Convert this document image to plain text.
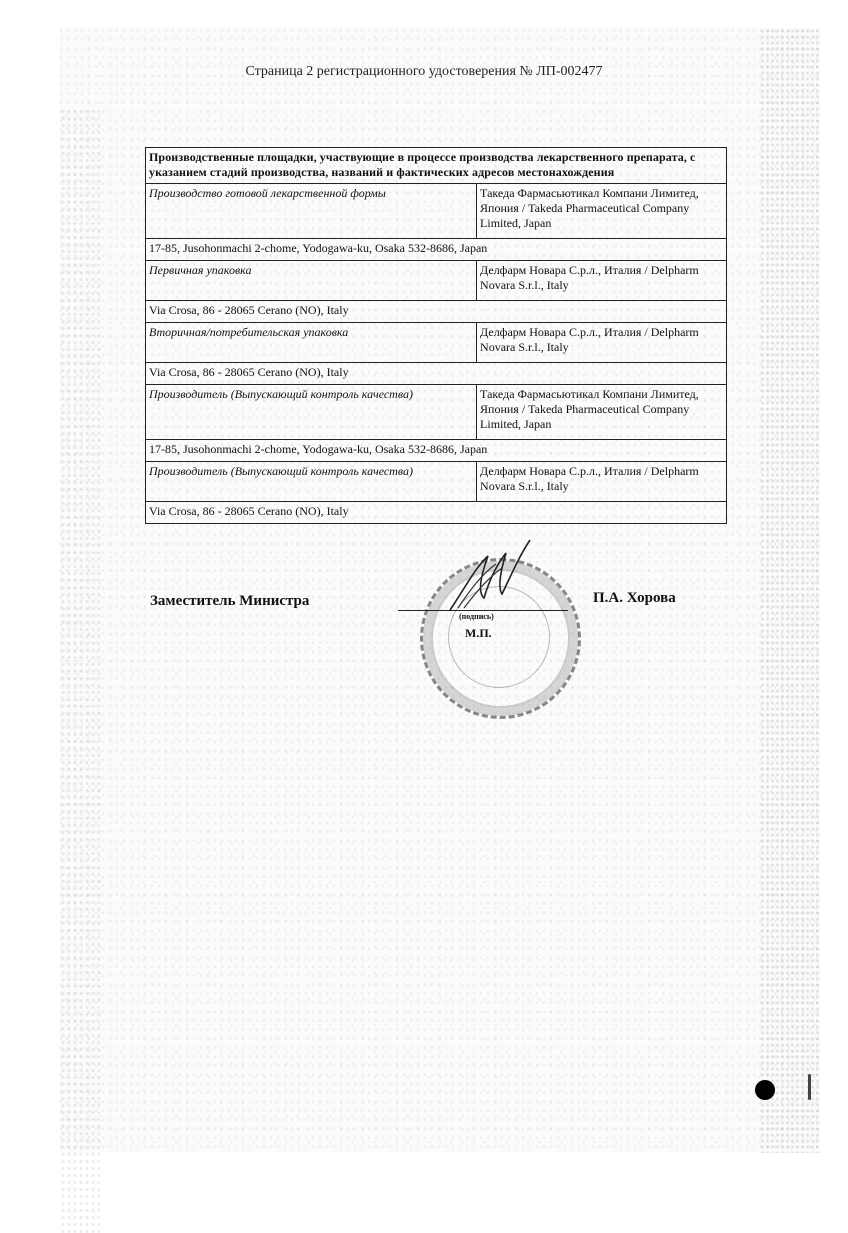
Страница 2 регистрационного удостоверения № ЛП-002477
Производственные площадки, участвующие в процессе производства лекарственного препарата, с указанием стадий производства, названий и фактических адресов местонахождения	
Производство готовой лекарственной формы	Такеда Фармасьютикал Компани Лимитед, Япония / Takeda Pharmaceutical Company Limited, Japan
17-85, Jusohonmachi 2-chome, Yodogawa-ku, Osaka 532-8686, Japan	
Первичная упаковка	Делфарм Новара С.р.л., Италия / Delpharm Novara S.r.l., Italy
Via Crosa, 86 - 28065 Cerano (NO), Italy	
Вторичная/потребительская упаковка	Делфарм Новара С.р.л., Италия / Delpharm Novara S.r.l., Italy
Via Crosa, 86 - 28065 Cerano (NO), Italy	
Производитель (Выпускающий контроль качества)	Такеда Фармасьютикал Компани Лимитед, Япония / Takeda Pharmaceutical Company Limited, Japan
17-85, Jusohonmachi 2-chome, Yodogawa-ku, Osaka 532-8686, Japan	
Производитель (Выпускающий контроль качества)	Делфарм Новара С.р.л., Италия / Delpharm Novara S.r.l., Italy
Via Crosa, 86 - 28065 Cerano (NO), Italy	
Заместитель Министра
(подпись)
М.П.
П.А. Хорова
